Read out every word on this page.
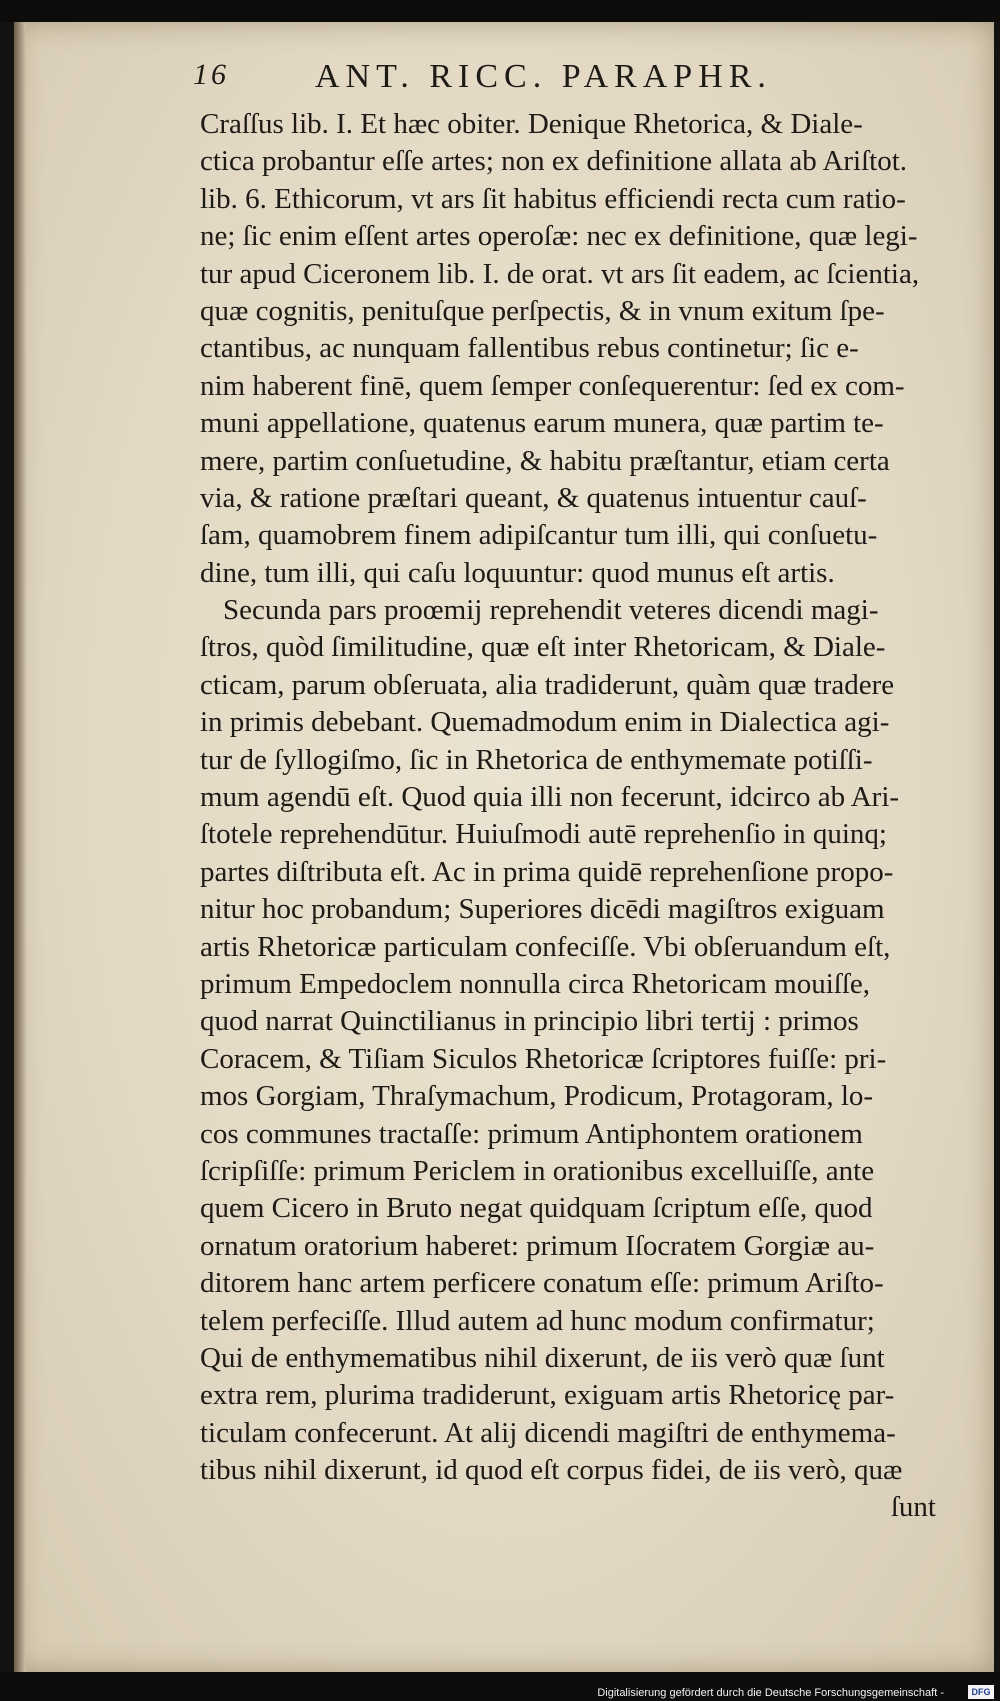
16	ANT. RICC. PARAPHR.
Craſſus lib. I. Et hæc obiter. Denique Rhetorica, & Diale-
ctica probantur eſſe artes; non ex definitione allata ab Ariſtot.
lib. 6. Ethicorum, vt ars ſit habitus efficiendi recta cum ratio-
ne; ſic enim eſſent artes operoſæ: nec ex definitione, quæ legi-
tur apud Ciceronem lib. I. de orat. vt ars ſit eadem, ac ſcientia,
quæ cognitis, penituſque perſpectis, & in vnum exitum ſpe-
ctantibus, ac nunquam fallentibus rebus continetur; ſic e-
nim haberent finē, quem ſemper conſequerentur: ſed ex com-
muni appellatione, quatenus earum munera, quæ partim te-
mere, partim conſuetudine, & habitu præſtantur, etiam certa
via, & ratione præſtari queant, & quatenus intuentur cauſ-
ſam, quamobrem finem adipiſcantur tum illi, qui conſuetu-
dine, tum illi, qui caſu loquuntur: quod munus eſt artis.
Secunda pars proœmij reprehendit veteres dicendi magi-
ſtros, quòd ſimilitudine, quæ eſt inter Rhetoricam, & Diale-
cticam, parum obſeruata, alia tradiderunt, quàm quæ tradere
in primis debebant. Quemadmodum enim in Dialectica agi-
tur de ſyllogiſmo, ſic in Rhetorica de enthymemate potiſſi-
mum agendū eſt. Quod quia illi non fecerunt, idcirco ab Ari-
ſtotele reprehendūtur. Huiuſmodi autē reprehenſio in quinq;
partes diſtributa eſt. Ac in prima quidē reprehenſione propo-
nitur hoc probandum; Superiores dicēdi magiſtros exiguam
artis Rhetoricæ particulam confeciſſe. Vbi obſeruandum eſt,
primum Empedoclem nonnulla circa Rhetoricam mouiſſe,
quod narrat Quinctilianus in principio libri tertij : primos
Coracem, & Tiſiam Siculos Rhetoricæ ſcriptores fuiſſe: pri-
mos Gorgiam, Thraſymachum, Prodicum, Protagoram, lo-
cos communes tractaſſe: primum Antiphontem orationem
ſcripſiſſe: primum Periclem in orationibus excelluiſſe, ante
quem Cicero in Bruto negat quidquam ſcriptum eſſe, quod
ornatum oratorium haberet: primum Iſocratem Gorgiæ au-
ditorem hanc artem perficere conatum eſſe: primum Ariſto-
telem perfeciſſe. Illud autem ad hunc modum confirmatur;
Qui de enthymematibus nihil dixerunt, de iis verò quæ ſunt
extra rem, plurima tradiderunt, exiguam artis Rhetoricę par-
ticulam confecerunt. At alij dicendi magiſtri de enthymema-
tibus nihil dixerunt, id quod eſt corpus fidei, de iis verò, quæ
ſunt
Digitalisierung gefördert durch die Deutsche Forschungsgemeinschaft -	DFG
